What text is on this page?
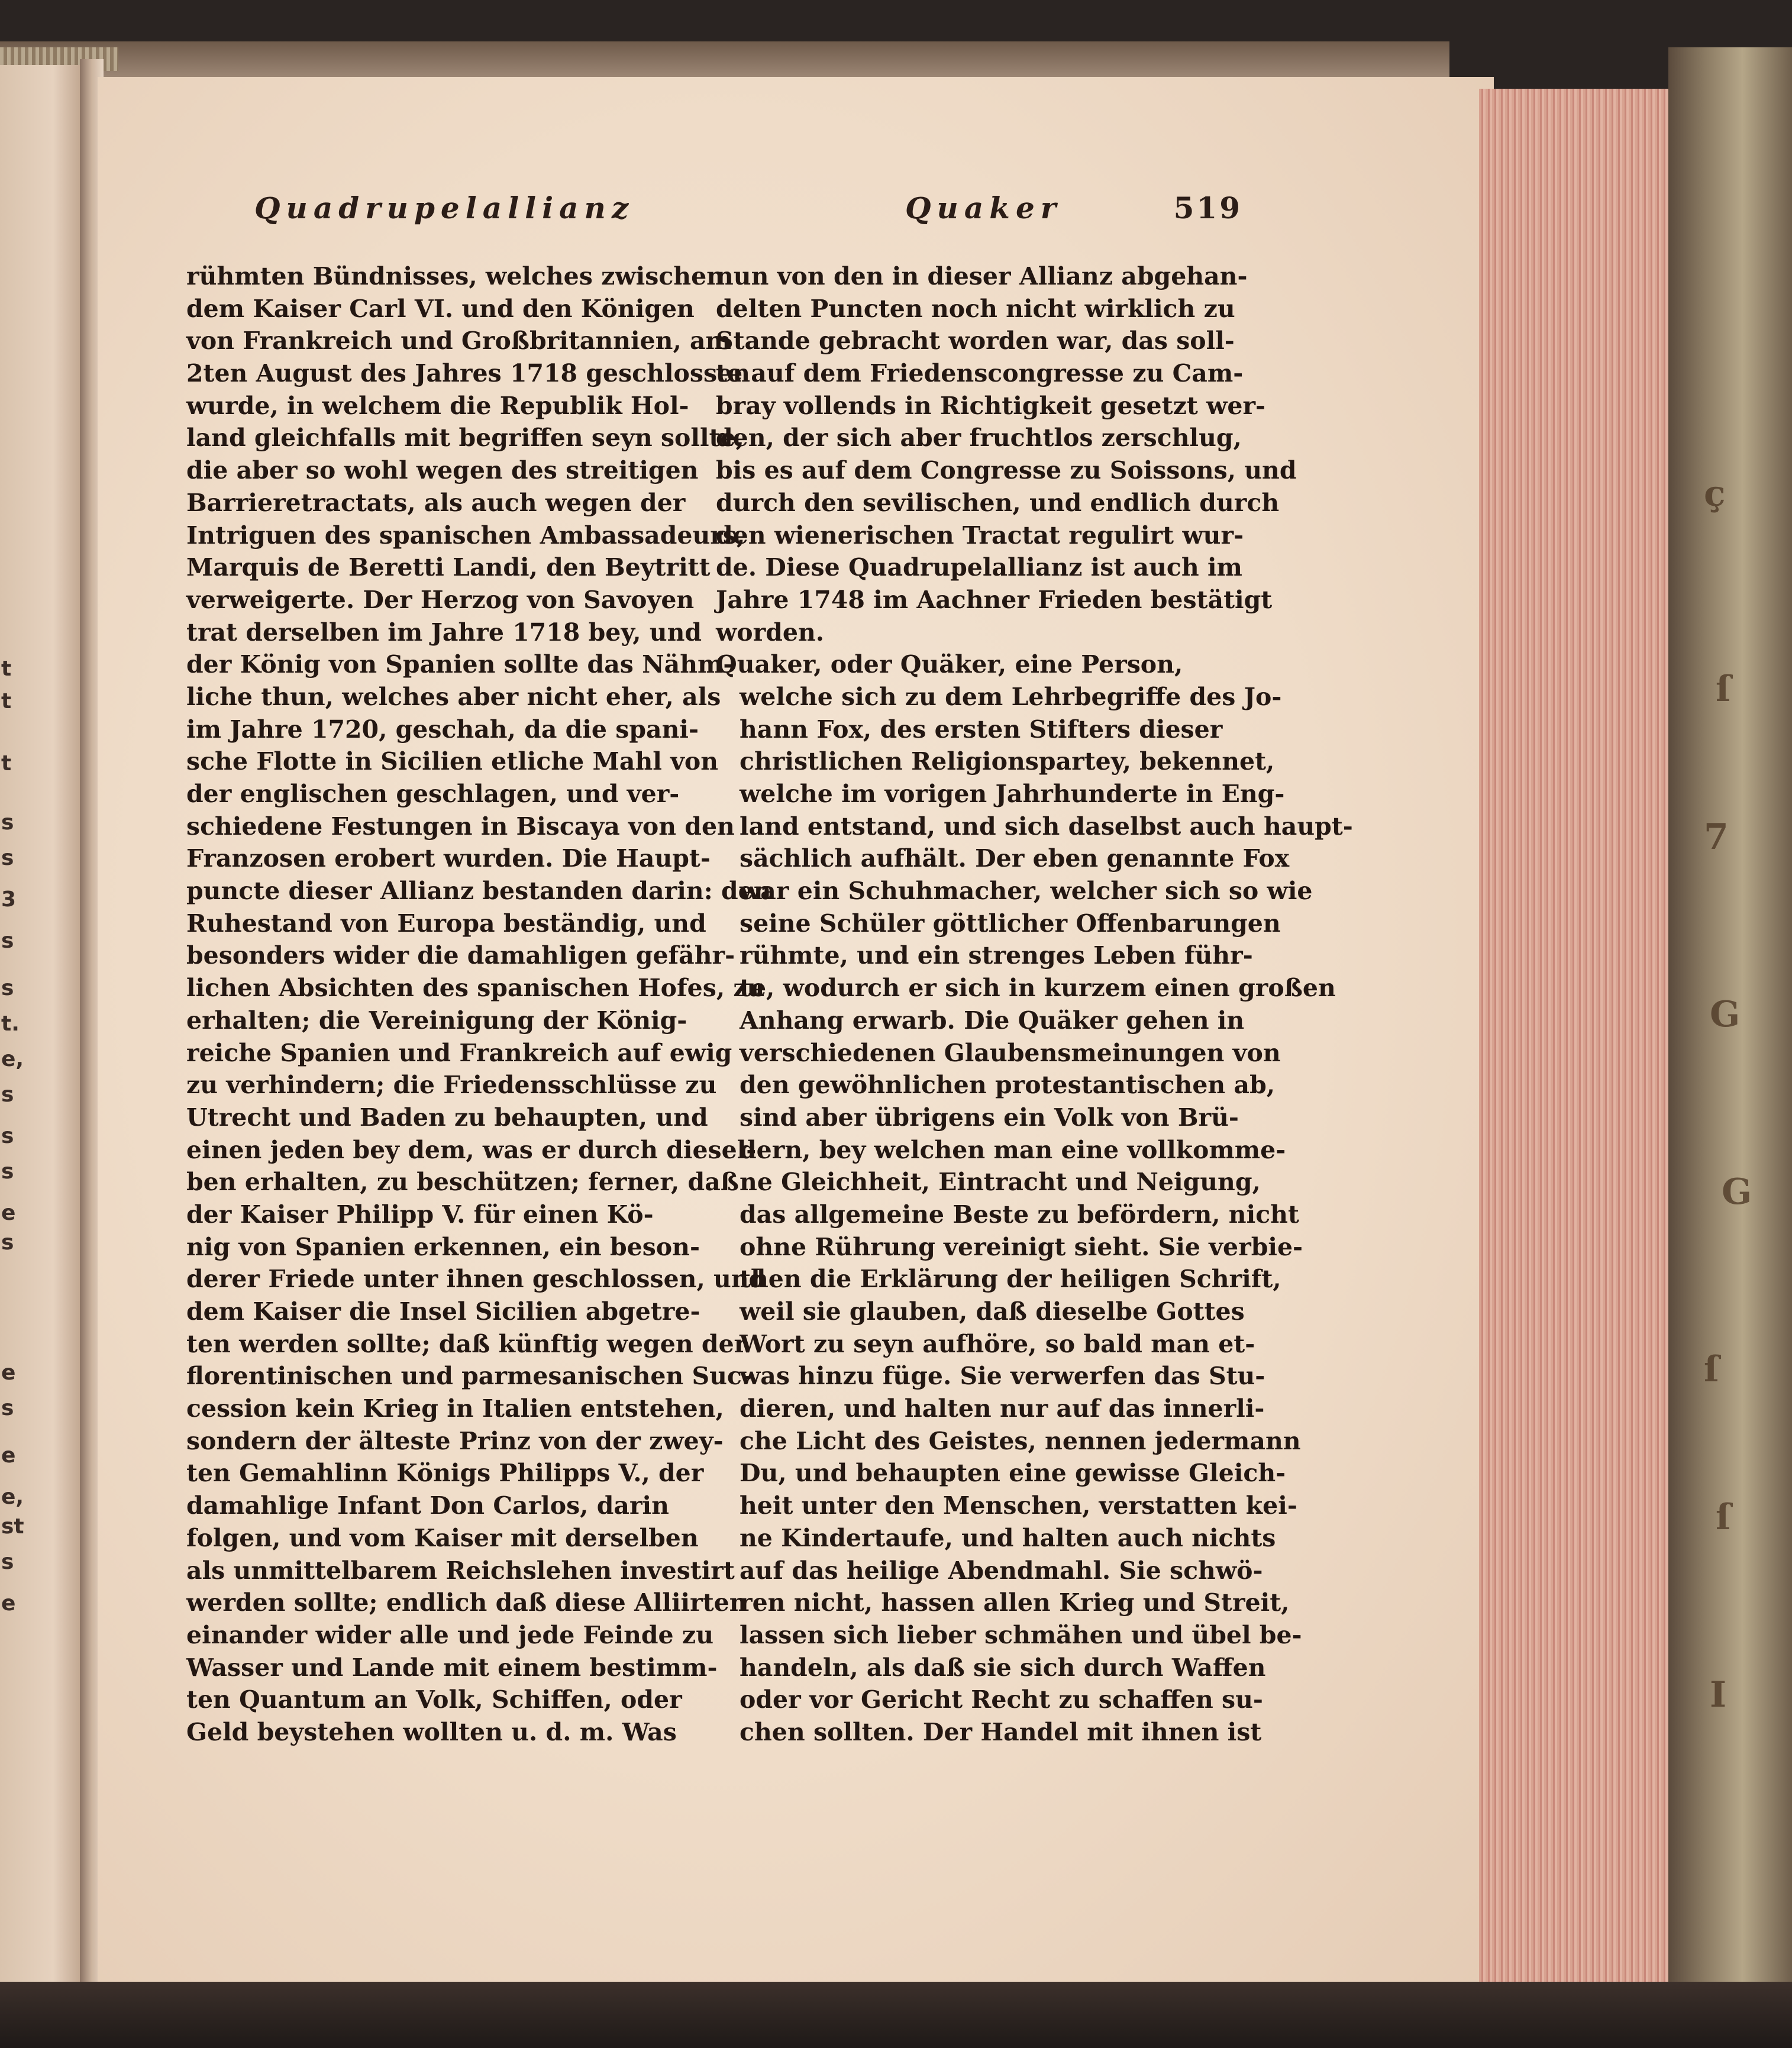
t
t
t
s
s
3
s
s
t.
e,
s
s
s
e
s
e
s
e
e,
st
s
e
ç
ſ
7
G
G
ſ
ſ
I
Quadrupelallianz	Quaker	519
rühmten Bündnisses, welches zwischen
dem Kaiser Carl VI. und den Königen
von Frankreich und Großbritannien, am
2ten August des Jahres 1718 geschlossen
wurde, in welchem die Republik Hol-
land gleichfalls mit begriffen seyn sollte,
die aber so wohl wegen des streitigen
Barrieretractats, als auch wegen der
Intriguen des spanischen Ambassadeurs,
Marquis de Beretti Landi, den Beytritt
verweigerte. Der Herzog von Savoyen
trat derselben im Jahre 1718 bey, und
der König von Spanien sollte das Nähm-
liche thun, welches aber nicht eher, als
im Jahre 1720, geschah, da die spani-
sche Flotte in Sicilien etliche Mahl von
der englischen geschlagen, und ver-
schiedene Festungen in Biscaya von den
Franzosen erobert wurden. Die Haupt-
puncte dieser Allianz bestanden darin: den
Ruhestand von Europa beständig, und
besonders wider die damahligen gefähr-
lichen Absichten des spanischen Hofes, zu
erhalten; die Vereinigung der König-
reiche Spanien und Frankreich auf ewig
zu verhindern; die Friedensschlüsse zu
Utrecht und Baden zu behaupten, und
einen jeden bey dem, was er durch diesel-
ben erhalten, zu beschützen; ferner, daß
der Kaiser Philipp V. für einen Kö-
nig von Spanien erkennen, ein beson-
derer Friede unter ihnen geschlossen, und
dem Kaiser die Insel Sicilien abgetre-
ten werden sollte; daß künftig wegen der
florentinischen und parmesanischen Suc-
cession kein Krieg in Italien entstehen,
sondern der älteste Prinz von der zwey-
ten Gemahlinn Königs Philipps V., der
damahlige Infant Don Carlos, darin
folgen, und vom Kaiser mit derselben
als unmittelbarem Reichslehen investirt
werden sollte; endlich daß diese Alliirten
einander wider alle und jede Feinde zu
Wasser und Lande mit einem bestimm-
ten Quantum an Volk, Schiffen, oder
Geld beystehen wollten u. d. m. Was
nun von den in dieser Allianz abgehan-
delten Puncten noch nicht wirklich zu
Stande gebracht worden war, das soll-
te auf dem Friedenscongresse zu Cam-
bray vollends in Richtigkeit gesetzt wer-
den, der sich aber fruchtlos zerschlug,
bis es auf dem Congresse zu Soissons, und
durch den sevilischen, und endlich durch
den wienerischen Tractat regulirt wur-
de. Diese Quadrupelallianz ist auch im
Jahre 1748 im Aachner Frieden bestätigt
worden.
Quaker, oder Quäker, eine Person,
welche sich zu dem Lehrbegriffe des Jo-
hann Fox, des ersten Stifters dieser
christlichen Religionspartey, bekennet,
welche im vorigen Jahrhunderte in Eng-
land entstand, und sich daselbst auch haupt-
sächlich aufhält. Der eben genannte Fox
war ein Schuhmacher, welcher sich so wie
seine Schüler göttlicher Offenbarungen
rühmte, und ein strenges Leben führ-
te, wodurch er sich in kurzem einen großen
Anhang erwarb. Die Quäker gehen in
verschiedenen Glaubensmeinungen von
den gewöhnlichen protestantischen ab,
sind aber übrigens ein Volk von Brü-
dern, bey welchen man eine vollkomme-
ne Gleichheit, Eintracht und Neigung,
das allgemeine Beste zu befördern, nicht
ohne Rührung vereinigt sieht. Sie verbie-
then die Erklärung der heiligen Schrift,
weil sie glauben, daß dieselbe Gottes
Wort zu seyn aufhöre, so bald man et-
was hinzu füge. Sie verwerfen das Stu-
dieren, und halten nur auf das innerli-
che Licht des Geistes, nennen jedermann
Du, und behaupten eine gewisse Gleich-
heit unter den Menschen, verstatten kei-
ne Kindertaufe, und halten auch nichts
auf das heilige Abendmahl. Sie schwö-
ren nicht, hassen allen Krieg und Streit,
lassen sich lieber schmähen und übel be-
handeln, als daß sie sich durch Waffen
oder vor Gericht Recht zu schaffen su-
chen sollten. Der Handel mit ihnen ist
